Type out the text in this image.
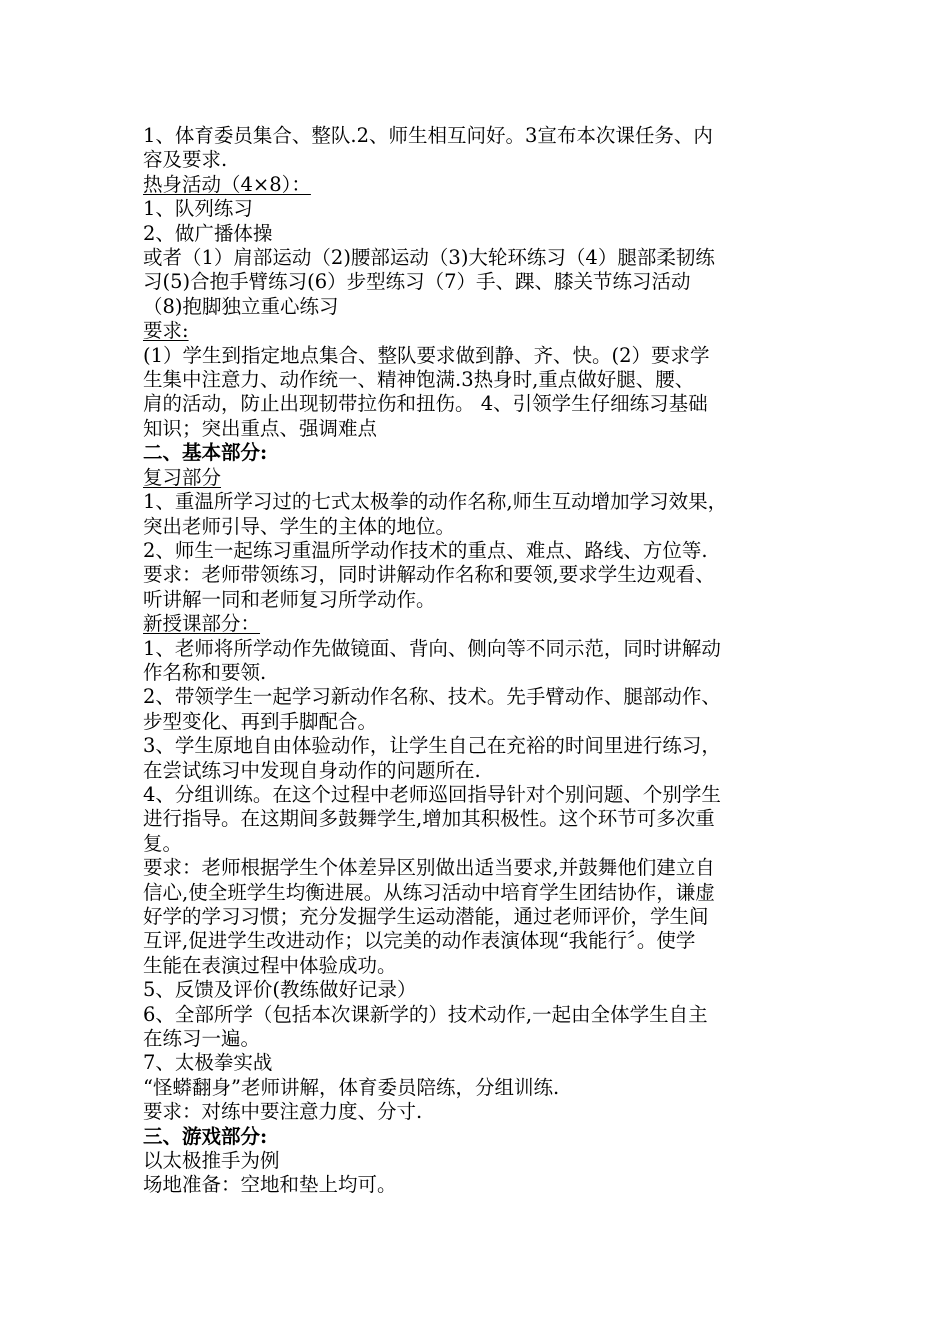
1、体育委员集合、整队.2、师生相互问好。3宣布本次课任务、内
容及要求.
热身活动（4×8）：
1、队列练习
2、做广播体操
或者（1）肩部运动（2)腰部运动（3)大轮环练习（4）腿部柔韧练
习(5)合抱手臂练习(6）步型练习（7）手、踝、膝关节练习活动
（8)抱脚独立重心练习
要求:
(1）学生到指定地点集合、整队要求做到静、齐、快。(2）要求学
生集中注意力、动作统一、精神饱满.3热身时,重点做好腿、腰、
肩的活动，防止出现韧带拉伤和扭伤。 4、引领学生仔细练习基础
知识；突出重点、强调难点
二、基本部分:
复习部分
1、重温所学习过的七式太极拳的动作名称,师生互动增加学习效果，
突出老师引导、学生的主体的地位。
2、师生一起练习重温所学动作技术的重点、难点、路线、方位等.
要求：老师带领练习，同时讲解动作名称和要领,要求学生边观看、
听讲解一同和老师复习所学动作。
新授课部分：
1、老师将所学动作先做镜面、背向、侧向等不同示范，同时讲解动
作名称和要领.
2、带领学生一起学习新动作名称、技术。先手臂动作、腿部动作、
步型变化、再到手脚配合。
3、学生原地自由体验动作，让学生自己在充裕的时间里进行练习，
在尝试练习中发现自身动作的问题所在.
4、分组训练。在这个过程中老师巡回指导针对个别问题、个别学生
进行指导。在这期间多鼓舞学生,增加其积极性。这个环节可多次重
复。
要求：老师根据学生个体差异区别做出适当要求,并鼓舞他们建立自
信心,使全班学生均衡进展。从练习活动中培育学生团结协作，谦虚
好学的学习习惯；充分发掘学生运动潜能，通过老师评价，学生间
互评,促进学生改进动作；以完美的动作表演体现“我能行〞。使学
生能在表演过程中体验成功。
5、反馈及评价(教练做好记录）
6、全部所学（包括本次课新学的）技术动作,一起由全体学生自主
在练习一遍。
7、太极拳实战
“怪蟒翻身”老师讲解，体育委员陪练，分组训练.
要求：对练中要注意力度、分寸.
三、游戏部分:
以太极推手为例
场地准备：空地和垫上均可。
